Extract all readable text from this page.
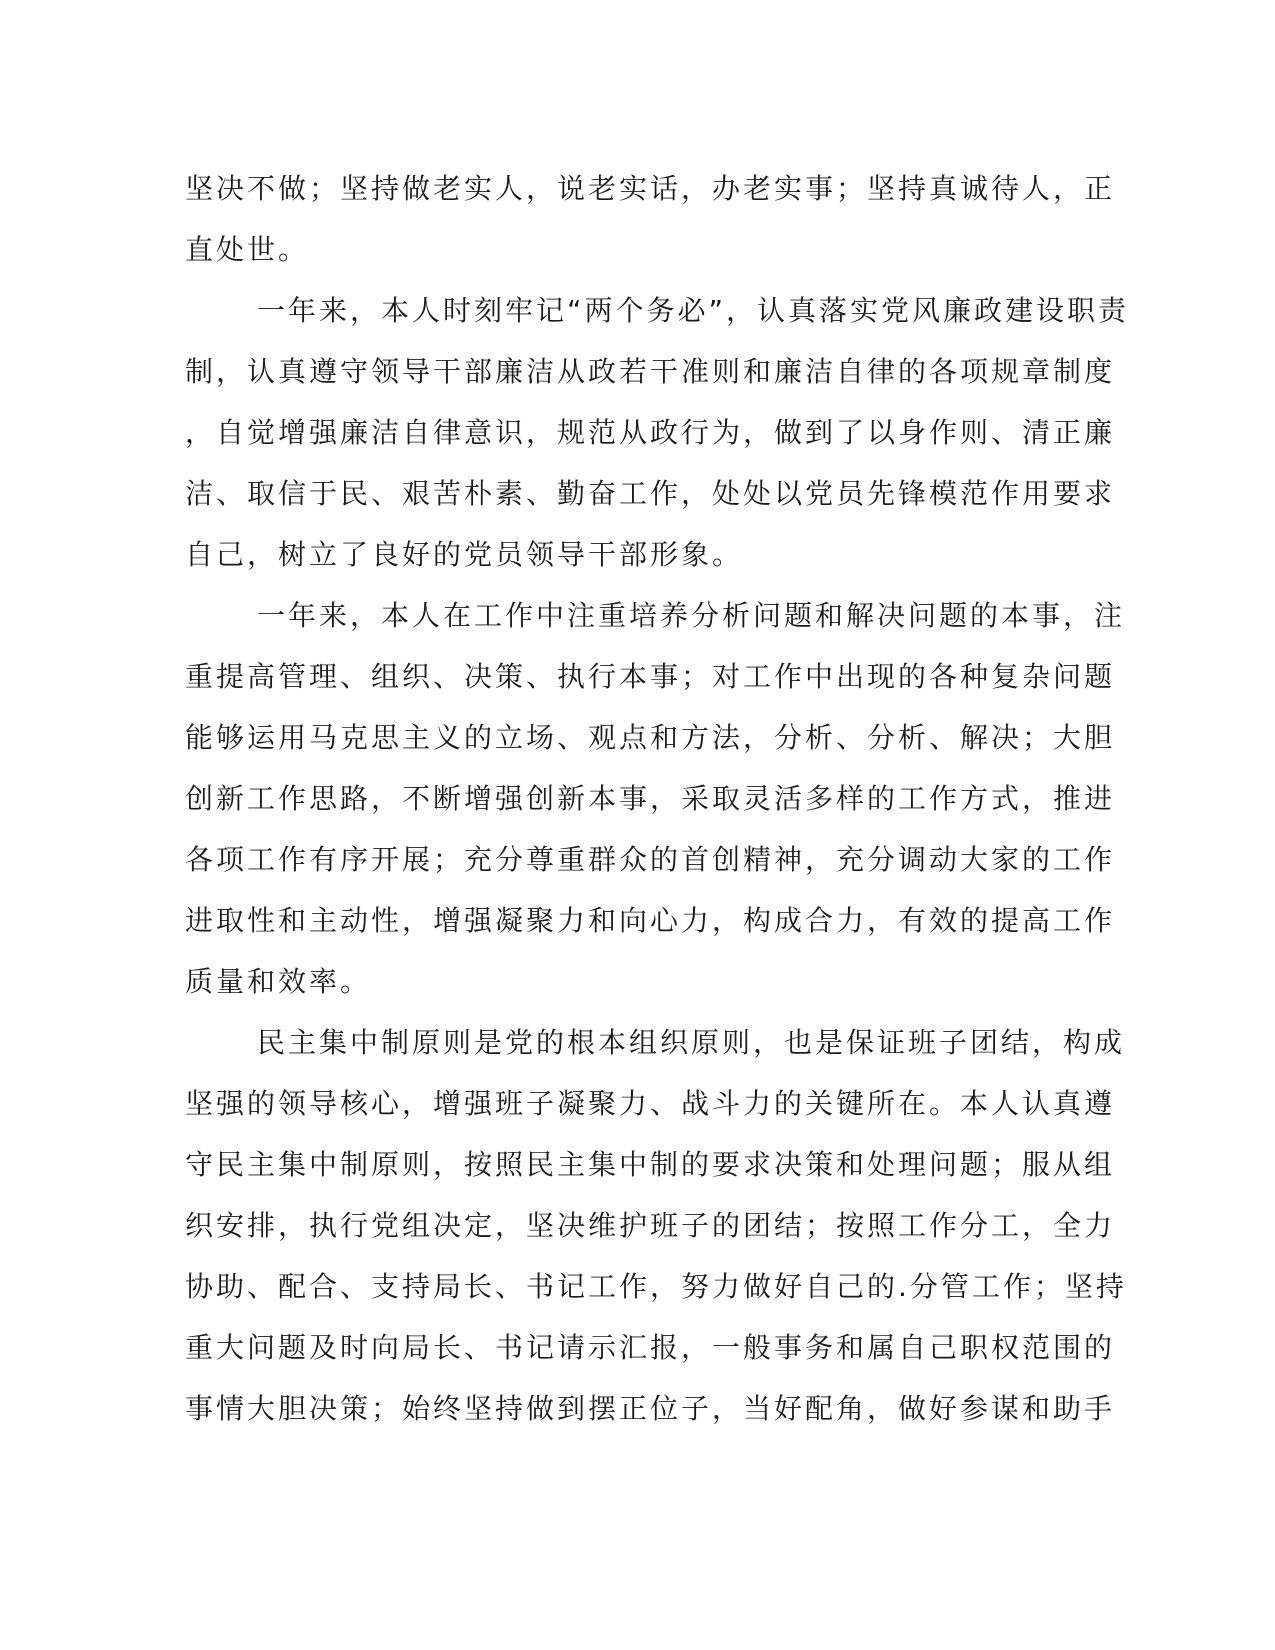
坚决不做；坚持做老实人，说老实话，办老实事；坚持真诚待人，正
直处世。
一年来，本人时刻牢记“两个务必”，认真落实党风廉政建设职责
制，认真遵守领导干部廉洁从政若干准则和廉洁自律的各项规章制度
，自觉增强廉洁自律意识，规范从政行为，做到了以身作则、清正廉
洁、取信于民、艰苦朴素、勤奋工作，处处以党员先锋模范作用要求
自己，树立了良好的党员领导干部形象。
一年来，本人在工作中注重培养分析问题和解决问题的本事，注
重提高管理、组织、决策、执行本事；对工作中出现的各种复杂问题
能够运用马克思主义的立场、观点和方法，分析、分析、解决；大胆
创新工作思路，不断增强创新本事，采取灵活多样的工作方式，推进
各项工作有序开展；充分尊重群众的首创精神，充分调动大家的工作
进取性和主动性，增强凝聚力和向心力，构成合力，有效的提高工作
质量和效率。
民主集中制原则是党的根本组织原则，也是保证班子团结，构成
坚强的领导核心，增强班子凝聚力、战斗力的关键所在。本人认真遵
守民主集中制原则，按照民主集中制的要求决策和处理问题；服从组
织安排，执行党组决定，坚决维护班子的团结；按照工作分工，全力
协助、配合、支持局长、书记工作，努力做好自己的.分管工作；坚持
重大问题及时向局长、书记请示汇报，一般事务和属自己职权范围的
事情大胆决策；始终坚持做到摆正位子，当好配角，做好参谋和助手
